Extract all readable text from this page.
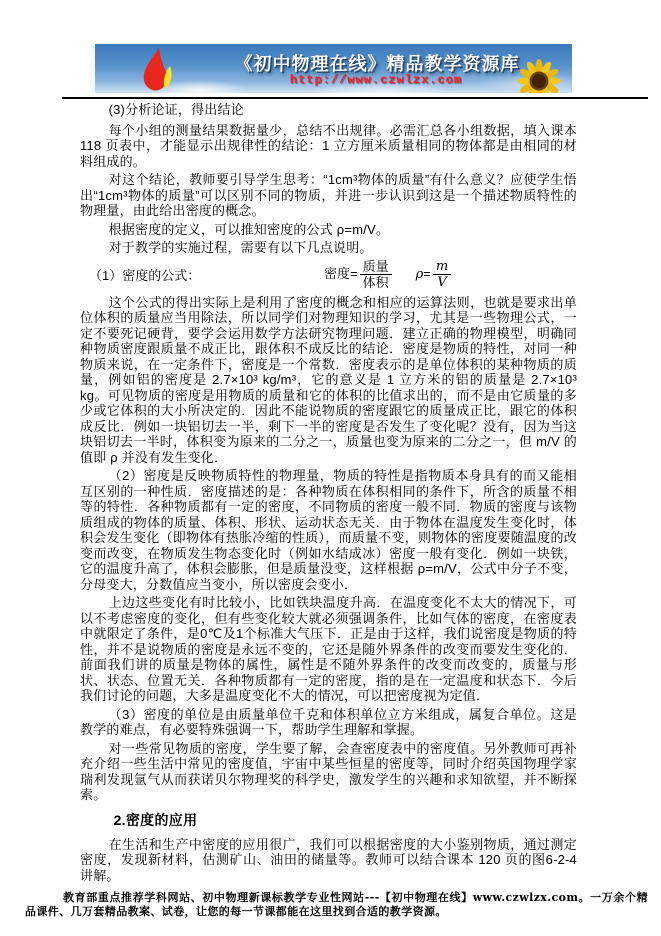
《初中物理在线》精品教学资源库
http://www.czwlzx.com

(3)分析论证，得出结论

每个小组的测量结果数据量少，总结不出规律。必需汇总各小组数据，填入课本 118 页表中，才能显示出规律性的结论：1 立方厘米质量相同的物体都是由相同的材料组成的。

对这个结论，教师要引导学生思考：“1cm³物体的质量”有什么意义？应使学生悟出“1cm³物体的质量”可以区别不同的物质，并进一步认识到这是一个描述物质特性的物理量，由此给出密度的概念。

根据密度的定义，可以推知密度的公式 ρ=m/V。

对于教学的实施过程，需要有以下几点说明。

（1）密度的公式：	密度= $\frac{\text{质量}}{\text{体积}} \rho= \frac{m}{V}$

这个公式的得出实际上是利用了密度的概念和相应的运算法则，也就是要求出单位体积的质量应当用除法，所以同学们对物理知识的学习，尤其是一些物理公式，一定不要死记硬背，要学会运用数学方法研究物理问题．建立正确的物理模型，明确同种物质密度跟质量不成正比，跟体积不成反比的结论．密度是物质的特性，对同一种物质来说，在一定条件下，密度是一个常数．密度表示的是单位体积的某种物质的质量，例如铝的密度是 2.7×10³ kg/m³，它的意义是 1 立方米的铝的质量是 2.7×10³ kg。可见物质的密度是用物质的质量和它的体积的比值求出的，而不是由它质量的多少或它体积的大小所决定的．因此不能说物质的密度跟它的质量成正比，跟它的体积成反比．例如一块铝切去一半，剩下一半的密度是否发生了变化呢？没有，因为当这块铝切去一半时，体积变为原来的二分之一，质量也变为原来的二分之一，但 m/V 的值即 ρ 并没有发生变化．

（2）密度是反映物质特性的物理量，物质的特性是指物质本身具有的而又能相互区别的一种性质．密度描述的是：各种物质在体积相同的条件下，所含的质量不相等的特性．各种物质都有一定的密度，不同物质的密度一般不同．物质的密度与该物质组成的物体的质量、体积、形状、运动状态无关．由于物体在温度发生变化时，体积会发生变化（即物体有热胀冷缩的性质），而质量不变，则物体的密度要随温度的改变而改变，在物质发生物态变化时（例如水结成冰）密度一般有变化．例如一块铁，它的温度升高了，体积会膨胀，但是质量没变，这样根据 ρ=m/V，公式中分子不变，分母变大，分数值应当变小，所以密度会变小．

上边这些变化有时比较小，比如铁块温度升高．在温度变化不太大的情况下，可以不考虑密度的变化，但有些变化较大就必须强调条件，比如气体的密度，在密度表中就限定了条件，是0℃及1个标准大气压下．正是由于这样，我们说密度是物质的特性，并不是说物质的密度是永远不变的，它还是随外界条件的改变而要发生变化的．前面我们讲的质量是物体的属性，属性是不随外界条件的改变而改变的，质量与形状、状态、位置无关．各种物质都有一定的密度，指的是在一定温度和状态下．今后我们讨论的问题，大多是温度变化不大的情况，可以把密度视为定值．

（3）密度的单位是由质量单位千克和体积单位立方米组成，属复合单位。这是教学的难点，有必要特殊强调一下，帮助学生理解和掌握。

对一些常见物质的密度，学生要了解，会查密度表中的密度值。另外教师可再补充介绍一些生活中常见的密度值，宇宙中某些恒星的密度等，同时介绍英国物理学家瑞利发现氩气从而获诺贝尔物理奖的科学史，激发学生的兴趣和求知欲望，并不断探索。

2.密度的应用

在生活和生产中密度的应用很广，我们可以根据密度的大小鉴别物质，通过测定密度，发现新材料，估测矿山、油田的储量等。教师可以结合课本 120 页的图6-2-4 讲解。

教育部重点推荐学科网站、初中物理新课标教学专业性网站---【初中物理在线】www.czwlzx.com。一万余个精品课件、几万套精品教案、试卷，让您的每一节课都能在这里找到合适的教学资源。
